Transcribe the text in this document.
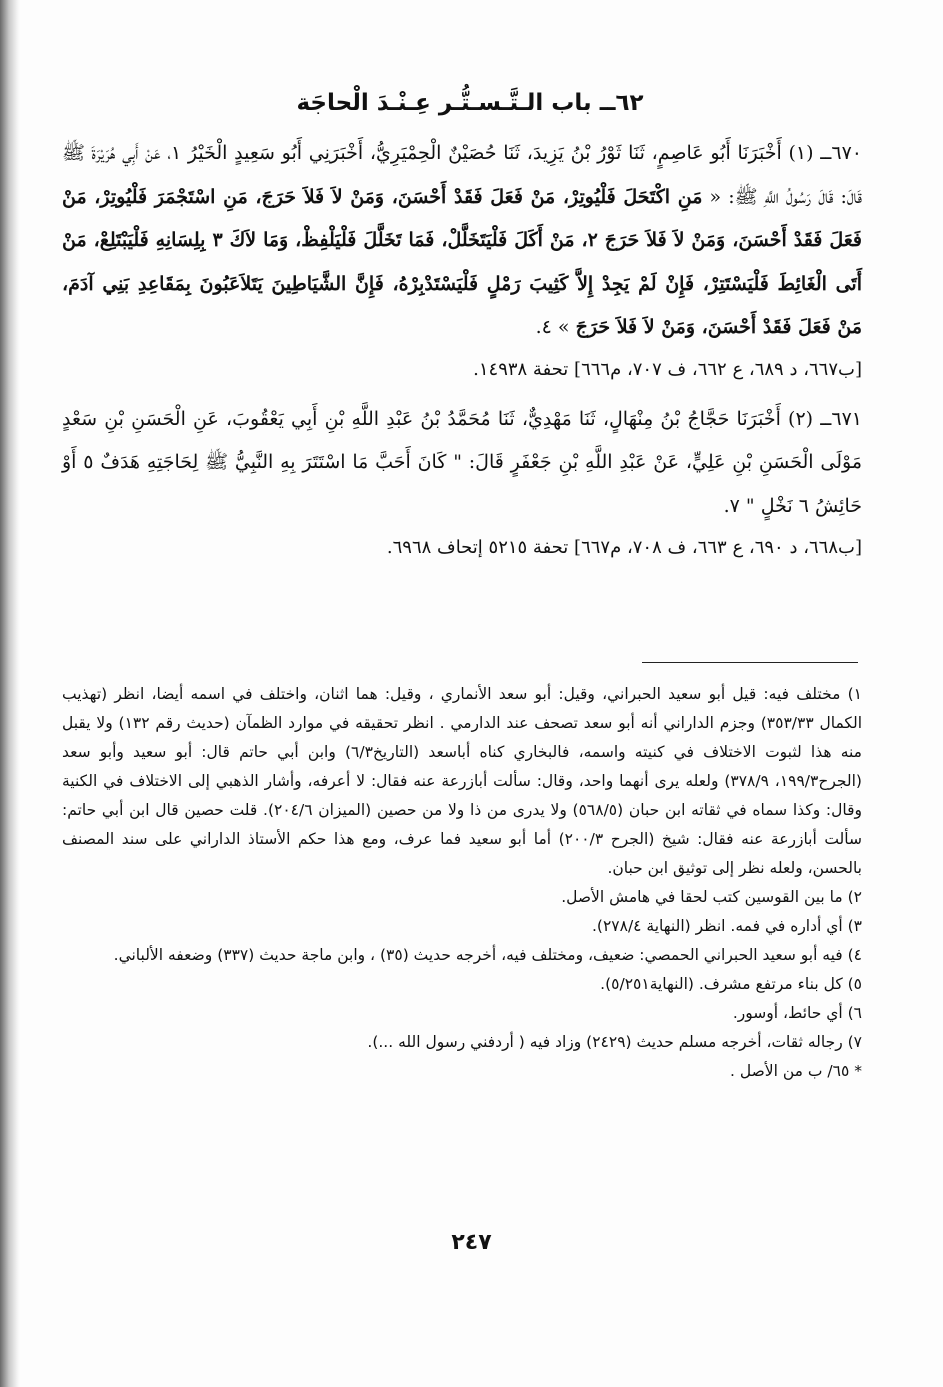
٦٢ــ باب الـتَّـسـتُّـر عِـنْـدَ الْحاجَة

٦٧٠ــ (١) أَخْبَرَنَا أَبُو عَاصِمٍ، ثَنَا ثَوْرُ بْنُ يَزِيدَ، ثَنَا حُصَيْنٌ الْحِمْيَرِيُّ، أَخْبَرَنِي أَبُو سَعِيدٍ الْخَيْرُ ١، عَنْ أَبِي هُرَيْرَةَ ﷺ قَالَ: قَالَ رَسُولُ اللَّهِ ﷺ: « مَنِ اكْتَحَلَ فَلْيُوتِرْ، مَنْ فَعَلَ فَقَدْ أَحْسَنَ، وَمَنْ لاَ فَلاَ حَرَجَ، مَنِ اسْتَجْمَرَ فَلْيُوتِرْ، مَنْ فَعَلَ فَقَدْ أَحْسَنَ، وَمَنْ لاَ فَلاَ حَرَجَ ٢، مَنْ أَكَلَ فَلْيَتَخَلَّلْ، فَمَا تَخَلَّلَ فَلْيَلْفِظْ، وَمَا لاَكَ ٣ بِلِسَانِهِ فَلْيَبْتَلِعْ، مَنْ أَتَى الْغَائِطَ فَلْيَسْتَتِرْ، فَإِنْ لَمْ يَجِدْ إِلاَّ كَثِيبَ رَمْلٍ فَلْيَسْتَدْبِرْهُ، فَإِنَّ الشَّيَاطِينَ يَتَلاَعَبُونَ بِمَقَاعِدِ بَنِي آدَمَ، مَنْ فَعَلَ فَقَدْ أَحْسَنَ، وَمَنْ لاَ فَلاَ حَرَجَ » ٤.

[ب٦٦٧، د ٦٨٩، ع ٦٦٢، ف ٧٠٧، م٦٦٦] تحفة ١٤٩٣٨.

٦٧١ــ (٢) أَخْبَرَنَا حَجَّاجُ بْنُ مِنْهَالٍ، ثَنَا مَهْدِيٌّ، ثَنَا مُحَمَّدُ بْنُ عَبْدِ اللَّهِ بْنِ أَبِي يَعْقُوبَ، عَنِ الْحَسَنِ بْنِ سَعْدٍ مَوْلَى الْحَسَنِ بْنِ عَلِيٍّ، عَنْ عَبْدِ اللَّهِ بْنِ جَعْفَرٍ قَالَ: " كَانَ أَحَبَّ مَا اسْتَتَرَ بِهِ النَّبِيُّ ﷺ لِحَاجَتِهِ هَدَفٌ ٥ أَوْ حَائِشُ ٦ نَخْلٍ " ٧.

[ب٦٦٨، د ٦٩٠، ع ٦٦٣، ف ٧٠٨، م٦٦٧] تحفة ٥٢١٥ إتحاف ٦٩٦٨.

١) مختلف فيه: قيل أبو سعيد الحبراني، وقيل: أبو سعد الأنماري ، وقيل: هما اثنان، واختلف في اسمه أيضا، انظر (تهذيب الكمال ٣٥٣/٣٣) وجزم الداراني أنه أبو سعد تصحف عند الدارمي . انظر تحقيقه في موارد الظمآن (حديث رقم ١٣٢) ولا يقبل منه هذا لثبوت الاختلاف في كنيته واسمه، فالبخاري كناه أباسعد (التاريخ٦/٣) وابن أبي حاتم قال: أبو سعيد وأبو سعد (الجرح١٩٩/٣، ٣٧٨/٩) ولعله يرى أنهما واحد، وقال: سألت أبازرعة عنه فقال: لا أعرفه، وأشار الذهبي إلى الاختلاف في الكنية وقال: وكذا سماه في ثقاته ابن حبان (٥٦٨/٥) ولا يدرى من ذا ولا من حصين (الميزان ٢٠٤/٦). قلت حصين قال ابن أبي حاتم: سألت أبازرعة عنه فقال: شيخ (الجرح ٢٠٠/٣) أما أبو سعيد فما عرف، ومع هذا حكم الأستاذ الداراني على سند المصنف بالحسن، ولعله نظر إلى توثيق ابن حبان.

٢) ما بين القوسين كتب لحقا في هامش الأصل.

٣) أي أداره في فمه. انظر (النهاية ٢٧٨/٤).

٤) فيه أبو سعيد الحبراني الحمصي: ضعيف، ومختلف فيه، أخرجه حديث (٣٥) ، وابن ماجة حديث (٣٣٧) وضعفه الألباني.

٥) كل بناء مرتفع مشرف. (النهاية٥/٢٥١).

٦) أي حائط، أوسور.

٧) رجاله ثقات، أخرجه مسلم حديث (٢٤٢٩) وزاد فيه ( أردفني رسول الله ...).

* ٦٥/ ب من الأصل .

٢٤٧
